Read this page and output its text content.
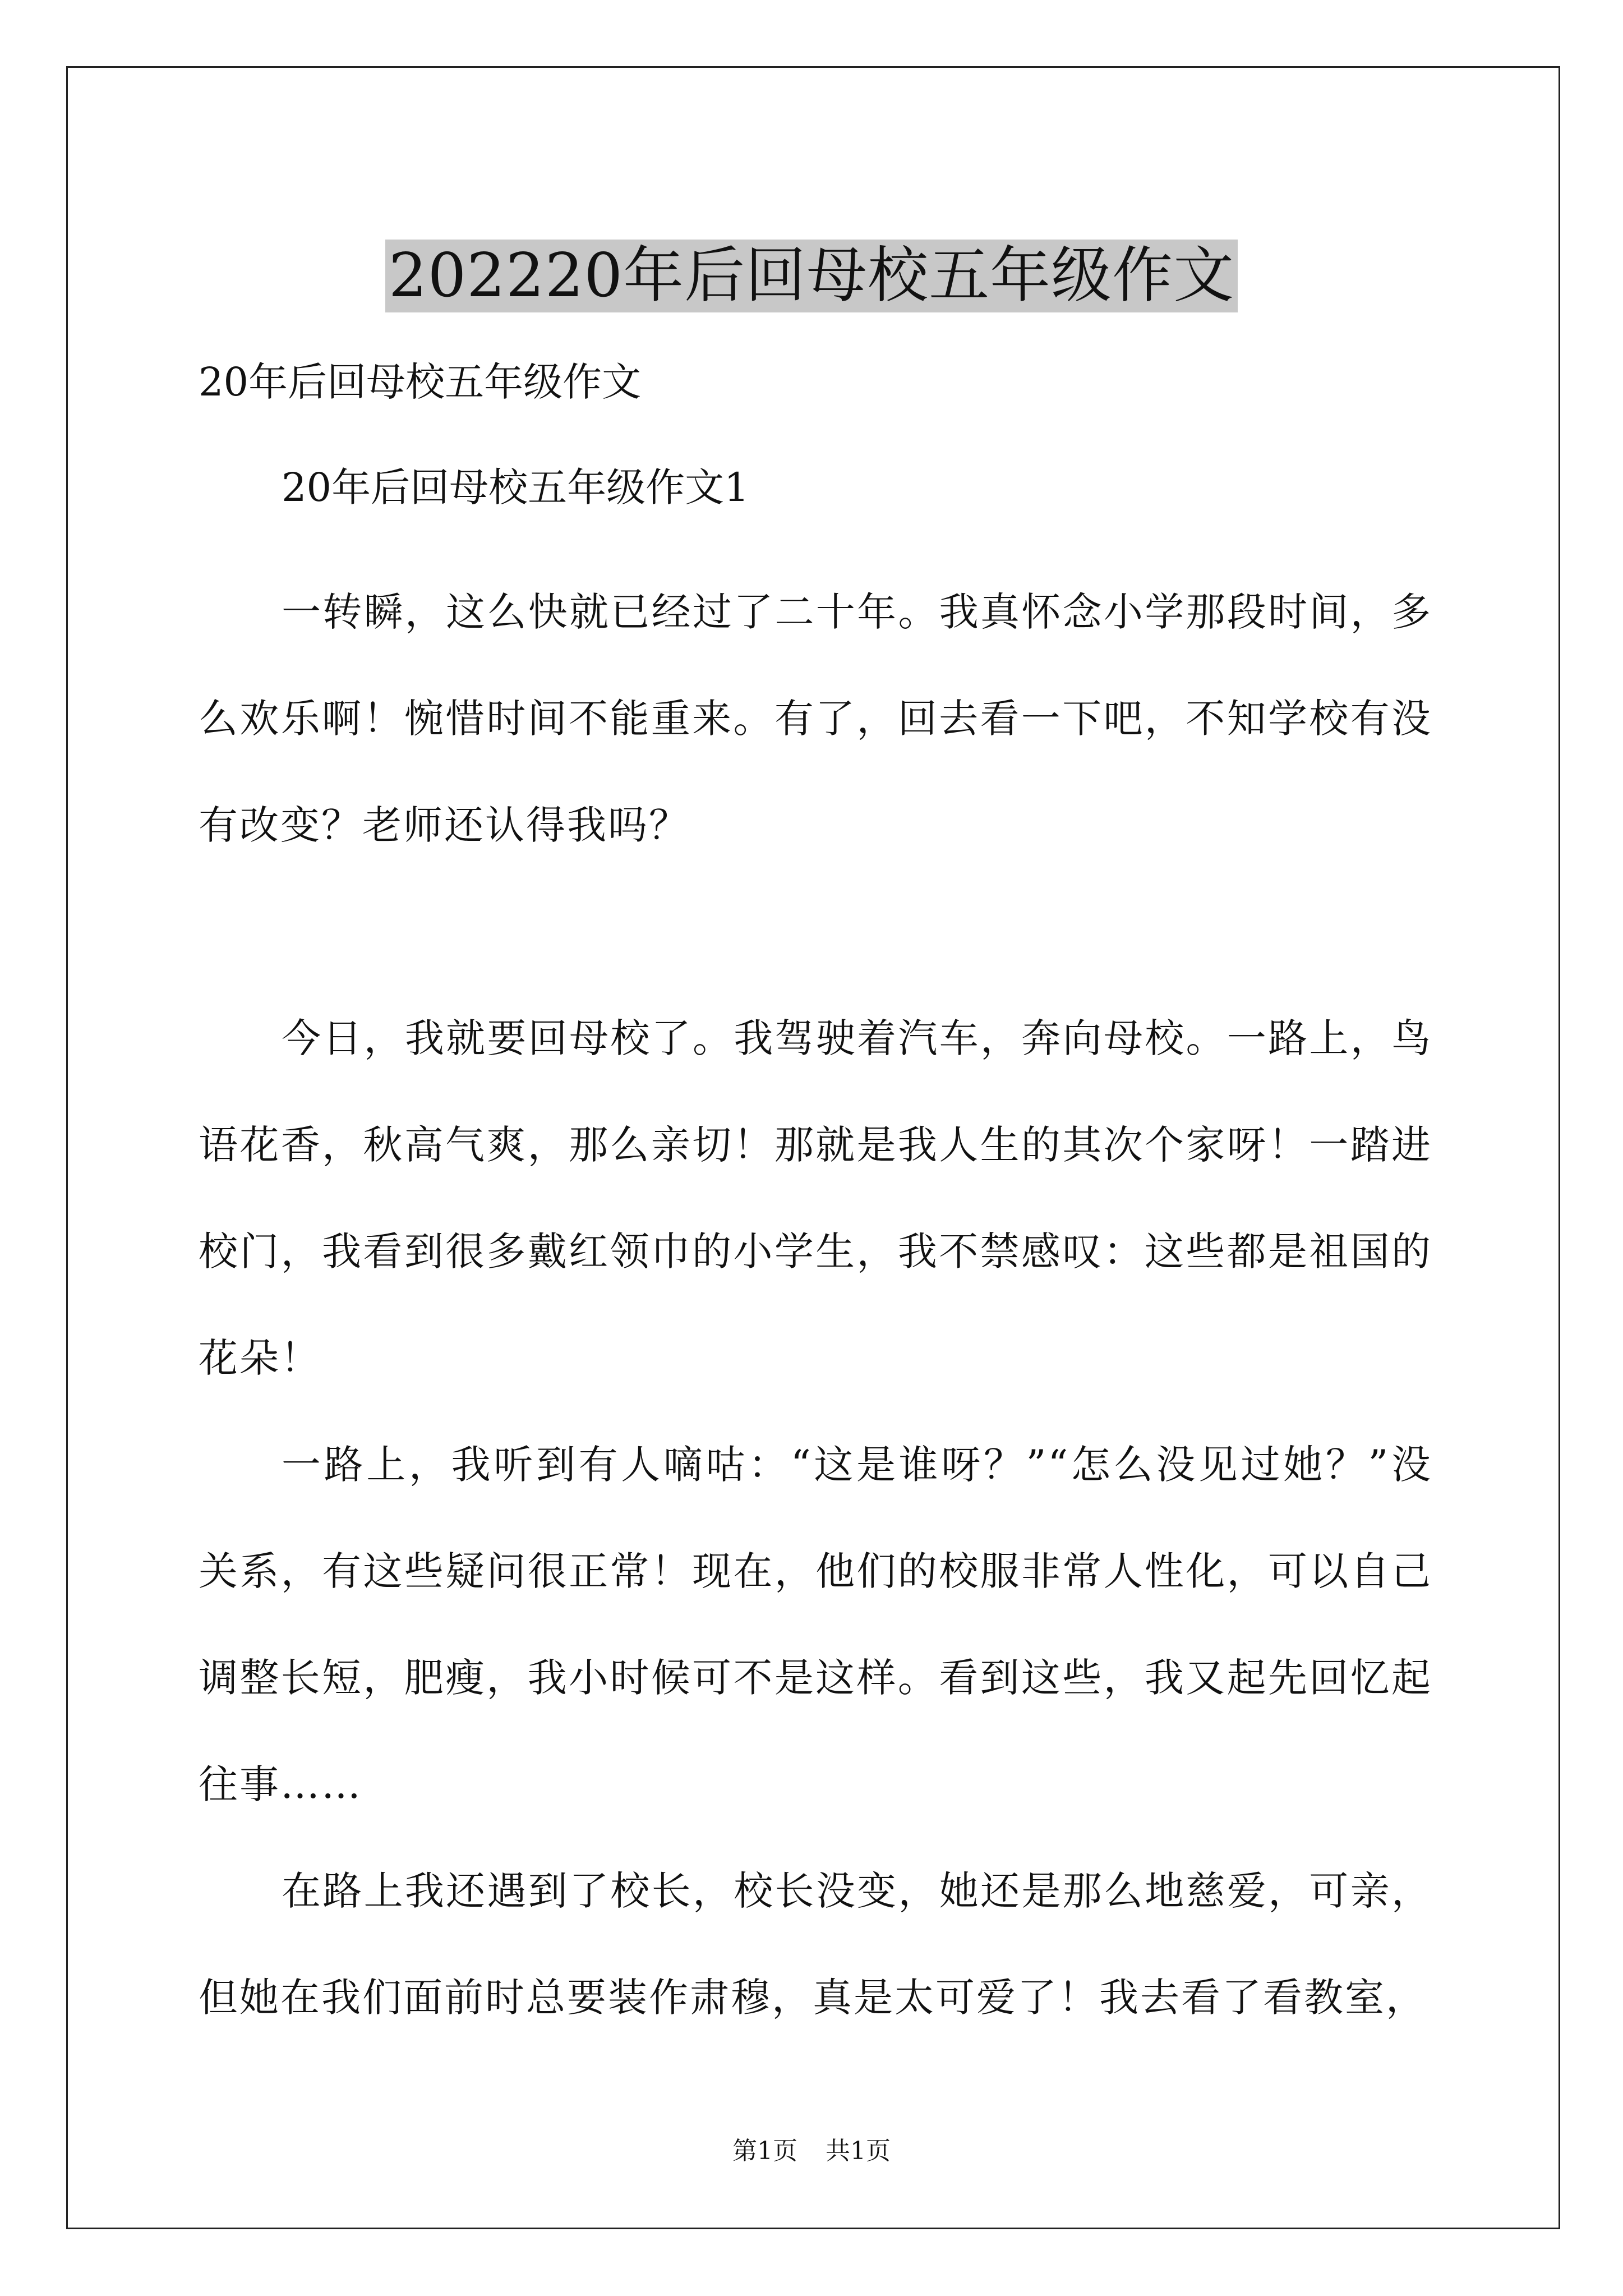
202220年后回母校五年级作文

20年后回母校五年级作文

20年后回母校五年级作文1

一转瞬，这么快就已经过了二十年。我真怀念小学那段时间，多么欢乐啊！惋惜时间不能重来。有了，回去看一下吧，不知学校有没有改变？老师还认得我吗？

今日，我就要回母校了。我驾驶着汽车，奔向母校。一路上，鸟语花香，秋高气爽，那么亲切！那就是我人生的其次个家呀！一踏进校门，我看到很多戴红领巾的小学生，我不禁感叹：这些都是祖国的花朵！

一路上，我听到有人嘀咕：“这是谁呀？”“怎么没见过她？”没关系，有这些疑问很正常！现在，他们的校服非常人性化，可以自己调整长短，肥瘦，我小时候可不是这样。看到这些，我又起先回忆起往事……

在路上我还遇到了校长，校长没变，她还是那么地慈爱，可亲，但她在我们面前时总要装作肃穆，真是太可爱了！我去看了看教室，

第1页 共1页
